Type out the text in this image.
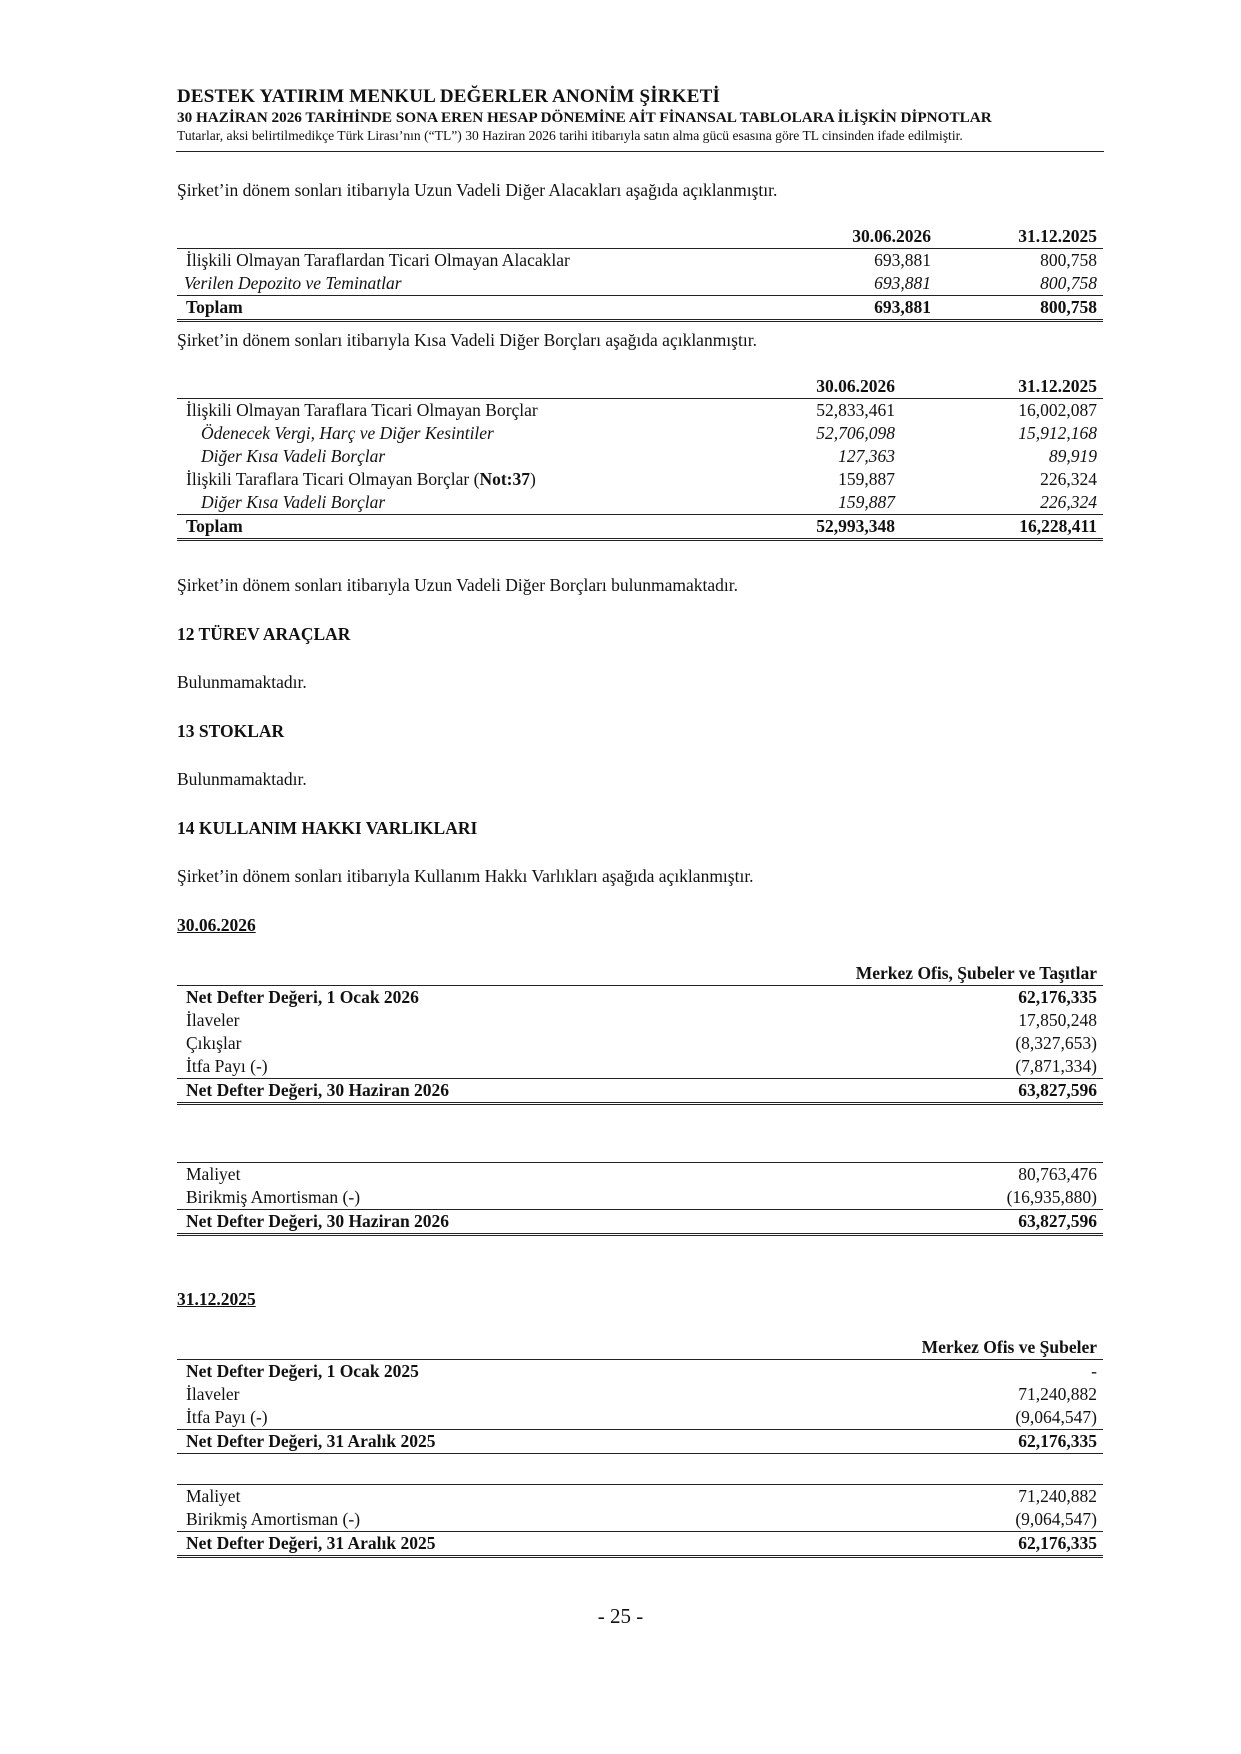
DESTEK YATIRIM MENKUL DEĞERLER ANONİM ŞİRKETİ
30 HAZİRAN 2026 TARİHİNDE SONA EREN HESAP DÖNEMİNE AİT FİNANSAL TABLOLARA İLİŞKİN DİPNOTLAR
Tutarlar, aksi belirtilmedikçe Türk Lirası’nın (“TL”) 30 Haziran 2026 tarihi itibarıyla satın alma gücü esasına göre TL cinsinden ifade edilmiştir.
Şirket’in dönem sonları itibarıyla Uzun Vadeli Diğer Alacakları aşağıda açıklanmıştır.
	30.06.2026	31.12.2025
İlişkili Olmayan Taraflardan Ticari Olmayan Alacaklar	693,881	800,758
Verilen Depozito ve Teminatlar	693,881	800,758
Toplam	693,881	800,758
Şirket’in dönem sonları itibarıyla Kısa Vadeli Diğer Borçları aşağıda açıklanmıştır.
	30.06.2026	31.12.2025
İlişkili Olmayan Taraflara Ticari Olmayan Borçlar	52,833,461	16,002,087
Ödenecek Vergi, Harç ve Diğer Kesintiler	52,706,098	15,912,168
Diğer Kısa Vadeli Borçlar	127,363	89,919
İlişkili Taraflara Ticari Olmayan Borçlar (Not:37)	159,887	226,324
Diğer Kısa Vadeli Borçlar	159,887	226,324
Toplam	52,993,348	16,228,411
Şirket’in dönem sonları itibarıyla Uzun Vadeli Diğer Borçları bulunmamaktadır.
12 TÜREV ARAÇLAR
Bulunmamaktadır.
13 STOKLAR
Bulunmamaktadır.
14 KULLANIM HAKKI VARLIKLARI
Şirket’in dönem sonları itibarıyla Kullanım Hakkı Varlıkları aşağıda açıklanmıştır.
30.06.2026
	Merkez Ofis, Şubeler ve Taşıtlar
Net Defter Değeri, 1 Ocak 2026	62,176,335
İlaveler	17,850,248
Çıkışlar	(8,327,653)
İtfa Payı (-)	(7,871,334)
Net Defter Değeri, 30 Haziran 2026	63,827,596
Maliyet	80,763,476
Birikmiş Amortisman (-)	(16,935,880)
Net Defter Değeri, 30 Haziran 2026	63,827,596
31.12.2025
	Merkez Ofis ve Şubeler
Net Defter Değeri, 1 Ocak 2025	-
İlaveler	71,240,882
İtfa Payı (-)	(9,064,547)
Net Defter Değeri, 31 Aralık 2025	62,176,335
Maliyet	71,240,882
Birikmiş Amortisman (-)	(9,064,547)
Net Defter Değeri, 31 Aralık 2025	62,176,335
- 25 -
